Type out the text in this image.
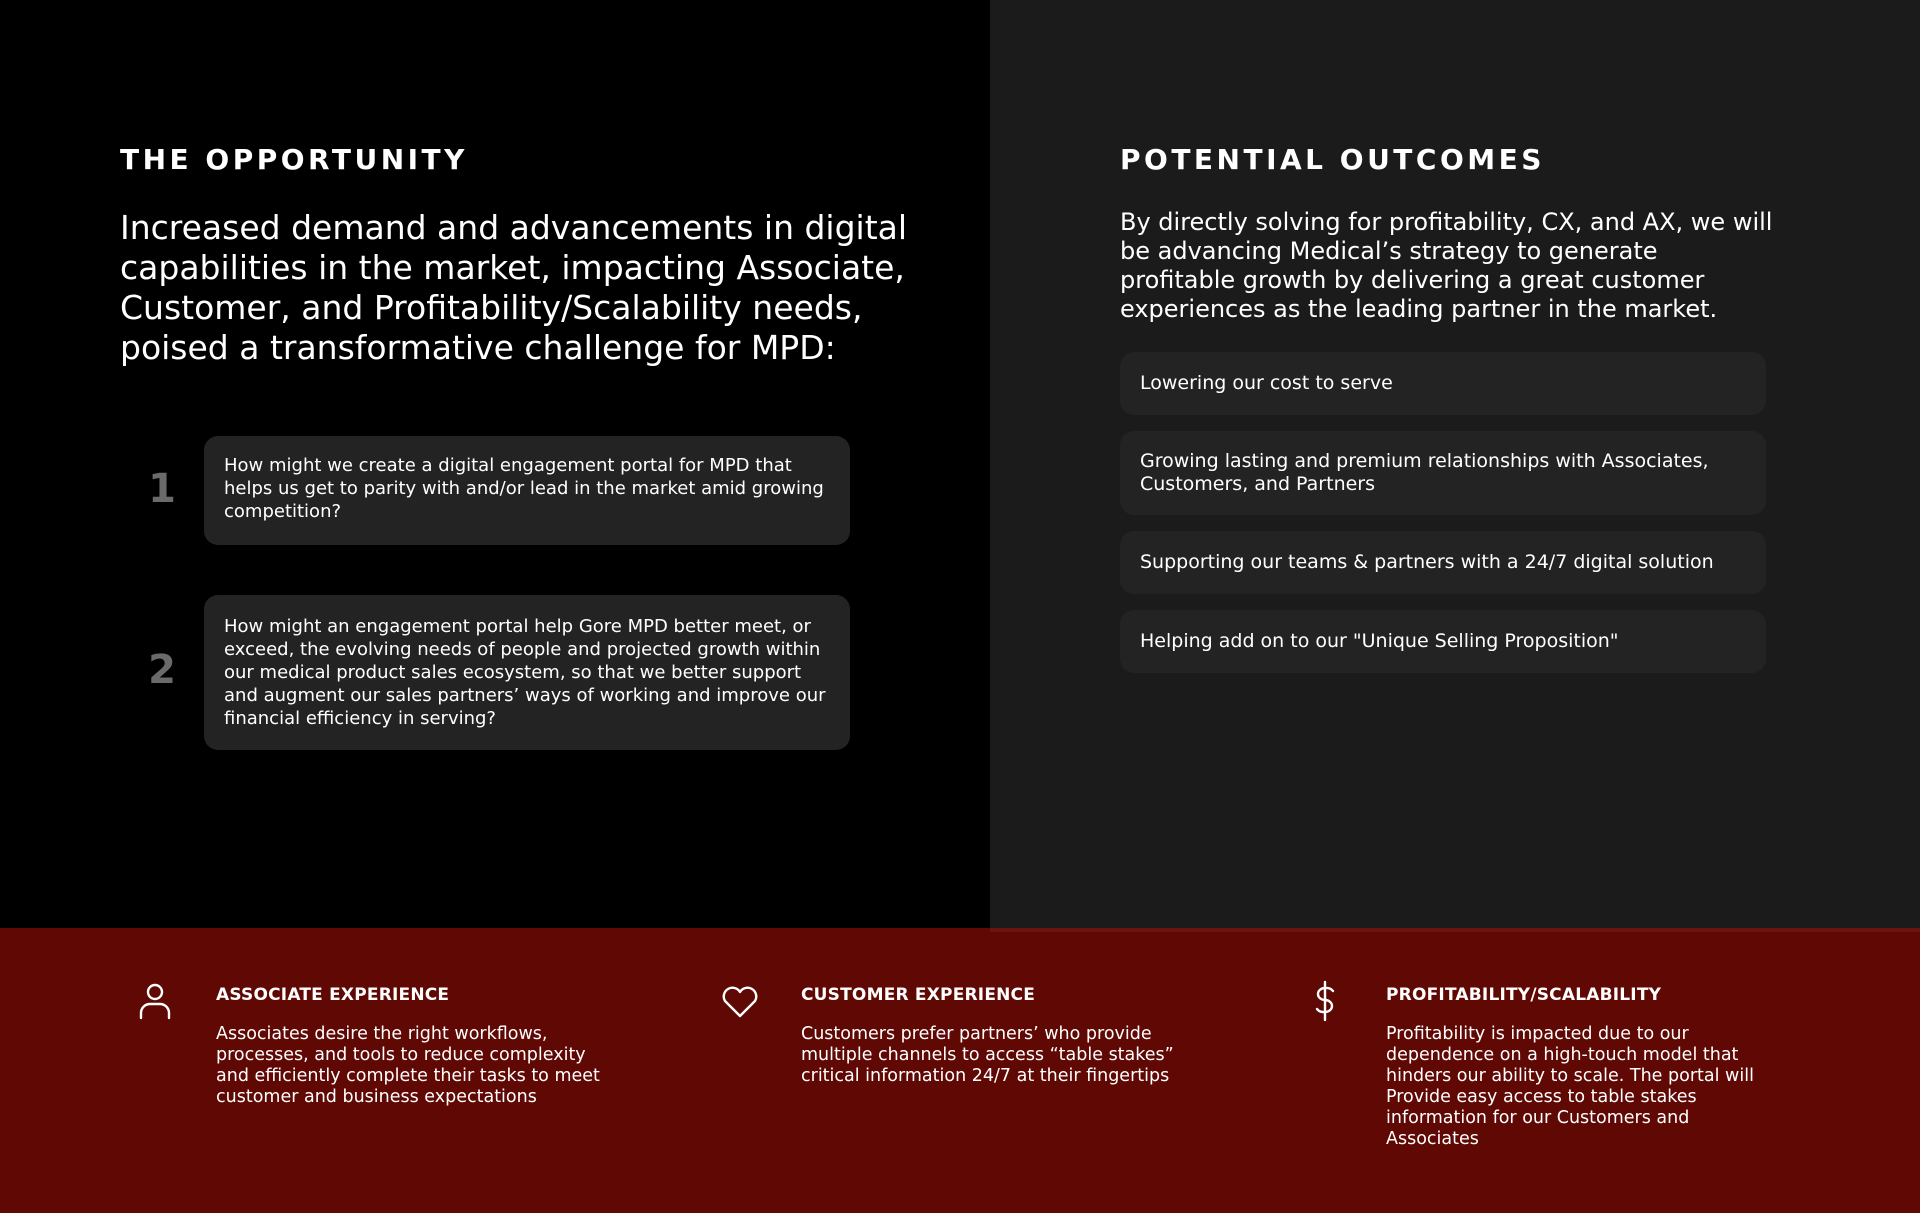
THE OPPORTUNITY

Increased demand and advancements in digital capabilities in the market, impacting Associate, Customer, and Profitability/Scalability needs, poised a transformative challenge for MPD:

1
How might we create a digital engagement portal for MPD that helps us get to parity with and/or lead in the market amid growing competition?
2
How might an engagement portal help Gore MPD better meet, or exceed, the evolving needs of people and projected growth within our medical product sales ecosystem, so that we better support and augment our sales partners’ ways of working and improve our financial efficiency in serving?
POTENTIAL OUTCOMES

By directly solving for profitability, CX, and AX, we will be advancing Medical’s strategy to generate profitable growth by delivering a great customer experiences as the leading partner in the market.

Lowering our cost to serve
Growing lasting and premium relationships with Associates, Customers, and Partners
Supporting our teams & partners with a 24/7 digital solution
Helping add on to our "Unique Selling Proposition"
ASSOCIATE EXPERIENCE
Associates desire the right workflows, processes, and tools to reduce complexity and efficiently complete their tasks to meet customer and business expectations
CUSTOMER EXPERIENCE
Customers prefer partners’ who provide multiple channels to access “table stakes” critical information 24/7 at their fingertips
PROFITABILITY/SCALABILITY
Profitability is impacted due to our dependence on a high-touch model that hinders our ability to scale. The portal will Provide easy access to table stakes information for our Customers and Associates
